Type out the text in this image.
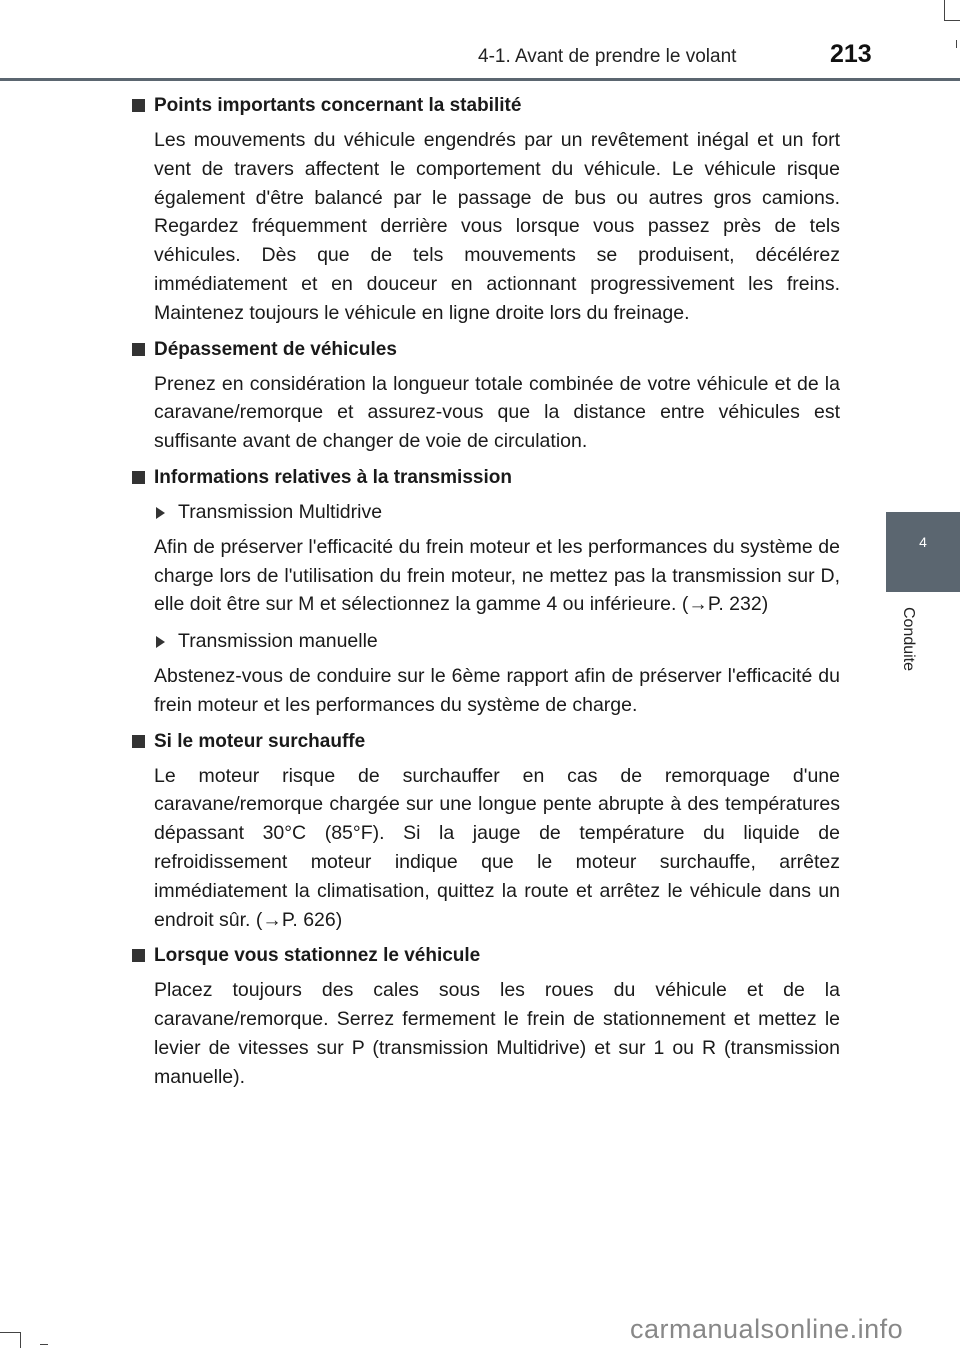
4-1. Avant de prendre le volant	213
4
Conduite
Points importants concernant la stabilité

Les mouvements du véhicule engendrés par un revêtement inégal et un fort vent de travers affectent le comportement du véhicule. Le véhicule risque également d'être balancé par le passage de bus ou autres gros camions. Regardez fréquemment derrière vous lorsque vous passez près de tels véhicules. Dès que de tels mouvements se produisent, décélérez immédiatement et en douceur en actionnant progressivement les freins. Maintenez toujours le véhicule en ligne droite lors du freinage.

Dépassement de véhicules

Prenez en considération la longueur totale combinée de votre véhicule et de la caravane/remorque et assurez-vous que la distance entre véhicules est suffisante avant de changer de voie de circulation.

Informations relatives à la transmission
Transmission Multidrive

Afin de préserver l'efficacité du frein moteur et les performances du système de charge lors de l'utilisation du frein moteur, ne mettez pas la transmission sur D, elle doit être sur M et sélectionnez la gamme 4 ou inférieure. (→P. 232)

Transmission manuelle

Abstenez-vous de conduire sur le 6ème rapport afin de préserver l'efficacité du frein moteur et les performances du système de charge.

Si le moteur surchauffe

Le moteur risque de surchauffer en cas de remorquage d'une caravane/remorque chargée sur une longue pente abrupte à des températures dépassant 30°C (85°F). Si la jauge de température du liquide de refroidissement moteur indique que le moteur surchauffe, arrêtez immédiatement la climatisation, quittez la route et arrêtez le véhicule dans un endroit sûr. (→P. 626)

Lorsque vous stationnez le véhicule

Placez toujours des cales sous les roues du véhicule et de la caravane/remorque. Serrez fermement le frein de stationnement et mettez le levier de vitesses sur P (transmission Multidrive) et sur 1 ou R (transmission manuelle).

carmanualsonline.info
